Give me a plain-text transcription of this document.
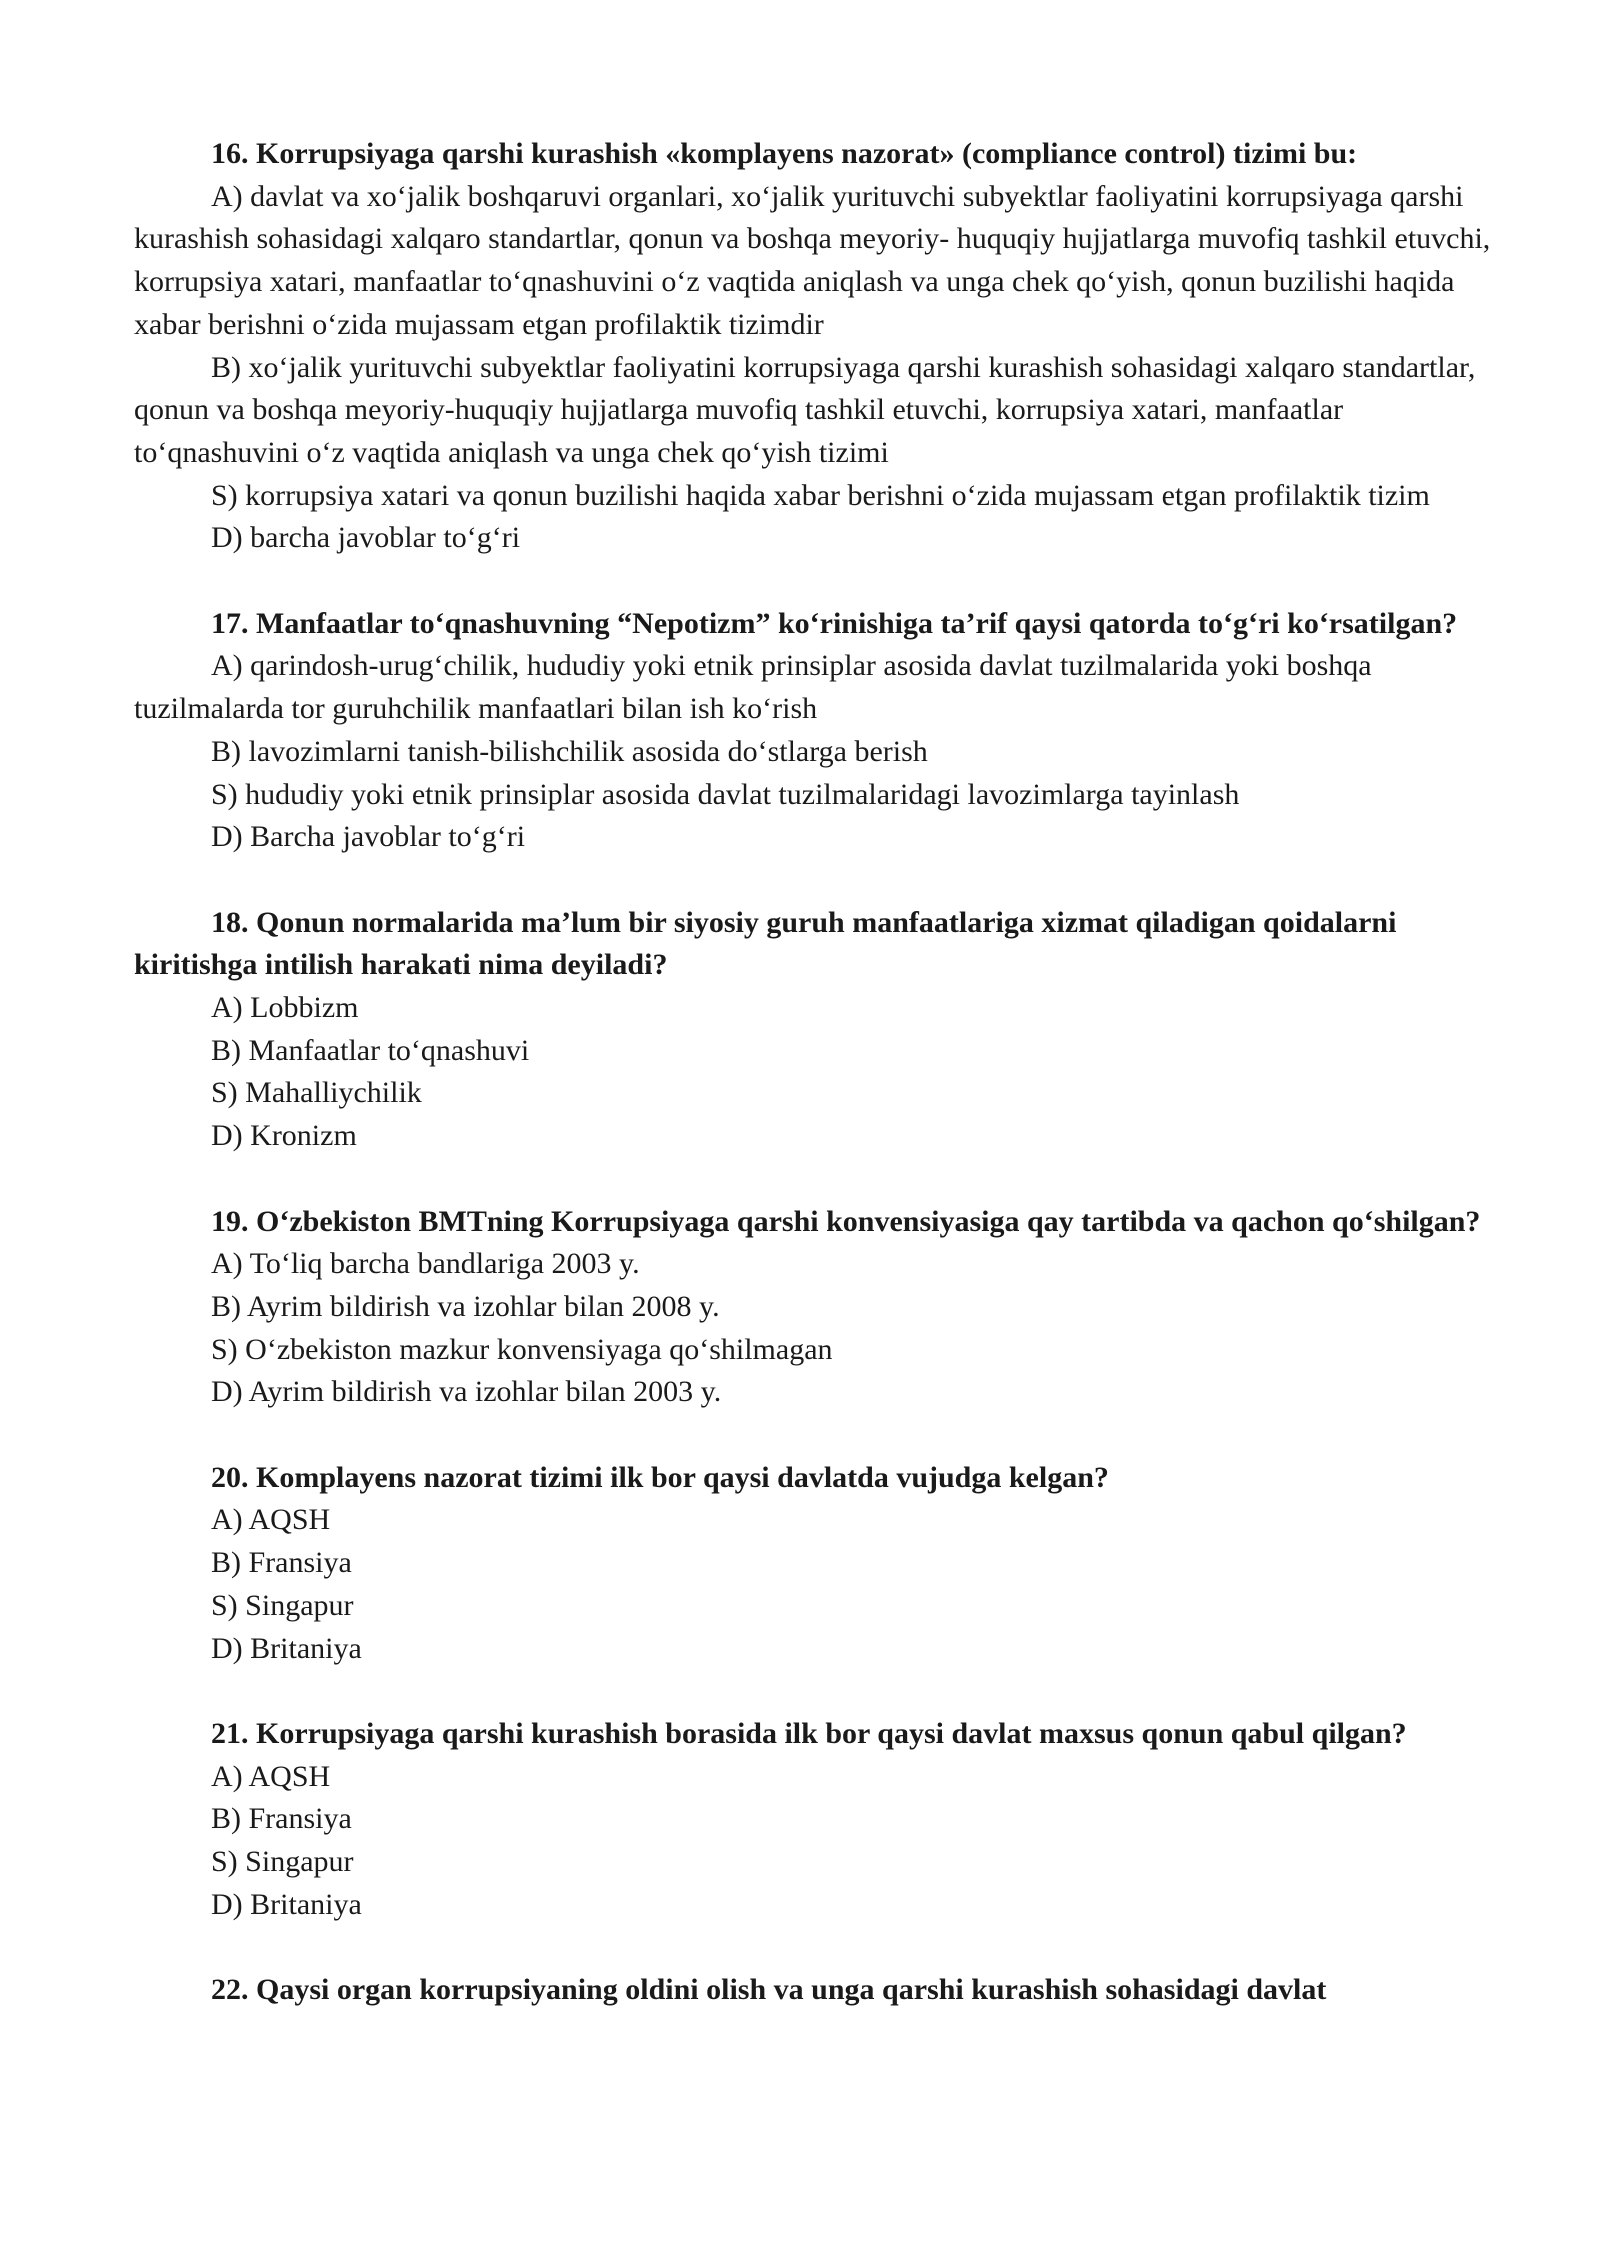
16. Korrupsiyaga qarshi kurashish «komplayens nazorat» (compliance control) tizimi bu:

A) davlat va xo‘jalik boshqaruvi organlari, xo‘jalik yurituvchi subyektlar faoliyatini korrupsiyaga qarshi kurashish sohasidagi xalqaro standartlar, qonun va boshqa meyoriy- huquqiy hujjatlarga muvofiq tashkil etuvchi, korrupsiya xatari, manfaatlar to‘qnashuvini o‘z vaqtida aniqlash va unga chek qo‘yish, qonun buzilishi haqida xabar berishni o‘zida mujassam etgan profilaktik tizimdir

B) xo‘jalik yurituvchi subyektlar faoliyatini korrupsiyaga qarshi kurashish sohasidagi xalqaro standartlar, qonun va boshqa meyoriy-huquqiy hujjatlarga muvofiq tashkil etuvchi, korrupsiya xatari, manfaatlar to‘qnashuvini o‘z vaqtida aniqlash va unga chek qo‘yish tizimi

S) korrupsiya xatari va qonun buzilishi haqida xabar berishni o‘zida mujassam etgan profilaktik tizim

D) barcha javoblar to‘g‘ri

17. Manfaatlar to‘qnashuvning “Nepotizm” ko‘rinishiga ta’rif qaysi qatorda to‘g‘ri ko‘rsatilgan?

A) qarindosh-urug‘chilik, hududiy yoki etnik prinsiplar asosida davlat tuzilmalarida yoki boshqa tuzilmalarda tor guruhchilik manfaatlari bilan ish ko‘rish

B) lavozimlarni tanish-bilishchilik asosida do‘stlarga berish

S) hududiy yoki etnik prinsiplar asosida davlat tuzilmalaridagi lavozimlarga tayinlash

D) Barcha javoblar to‘g‘ri

18. Qonun normalarida ma’lum bir siyosiy guruh manfaatlariga xizmat qiladigan qoidalarni kiritishga intilish harakati nima deyiladi?

A) Lobbizm

B) Manfaatlar to‘qnashuvi

S) Mahalliychilik

D) Kronizm

19. O‘zbekiston BMTning Korrupsiyaga qarshi konvensiyasiga qay tartibda va qachon qo‘shilgan?

A) To‘liq barcha bandlariga 2003 y.

B) Ayrim bildirish va izohlar bilan 2008 y.

S) O‘zbekiston mazkur konvensiyaga qo‘shilmagan

D) Ayrim bildirish va izohlar bilan 2003 y.

20. Komplayens nazorat tizimi ilk bor qaysi davlatda vujudga kelgan?

A) AQSH

B) Fransiya

S) Singapur

D) Britaniya

21. Korrupsiyaga qarshi kurashish borasida ilk bor qaysi davlat maxsus qonun qabul qilgan?

A) AQSH

B) Fransiya

S) Singapur

D) Britaniya

22. Qaysi organ korrupsiyaning oldini olish va unga qarshi kurashish sohasidagi davlat
